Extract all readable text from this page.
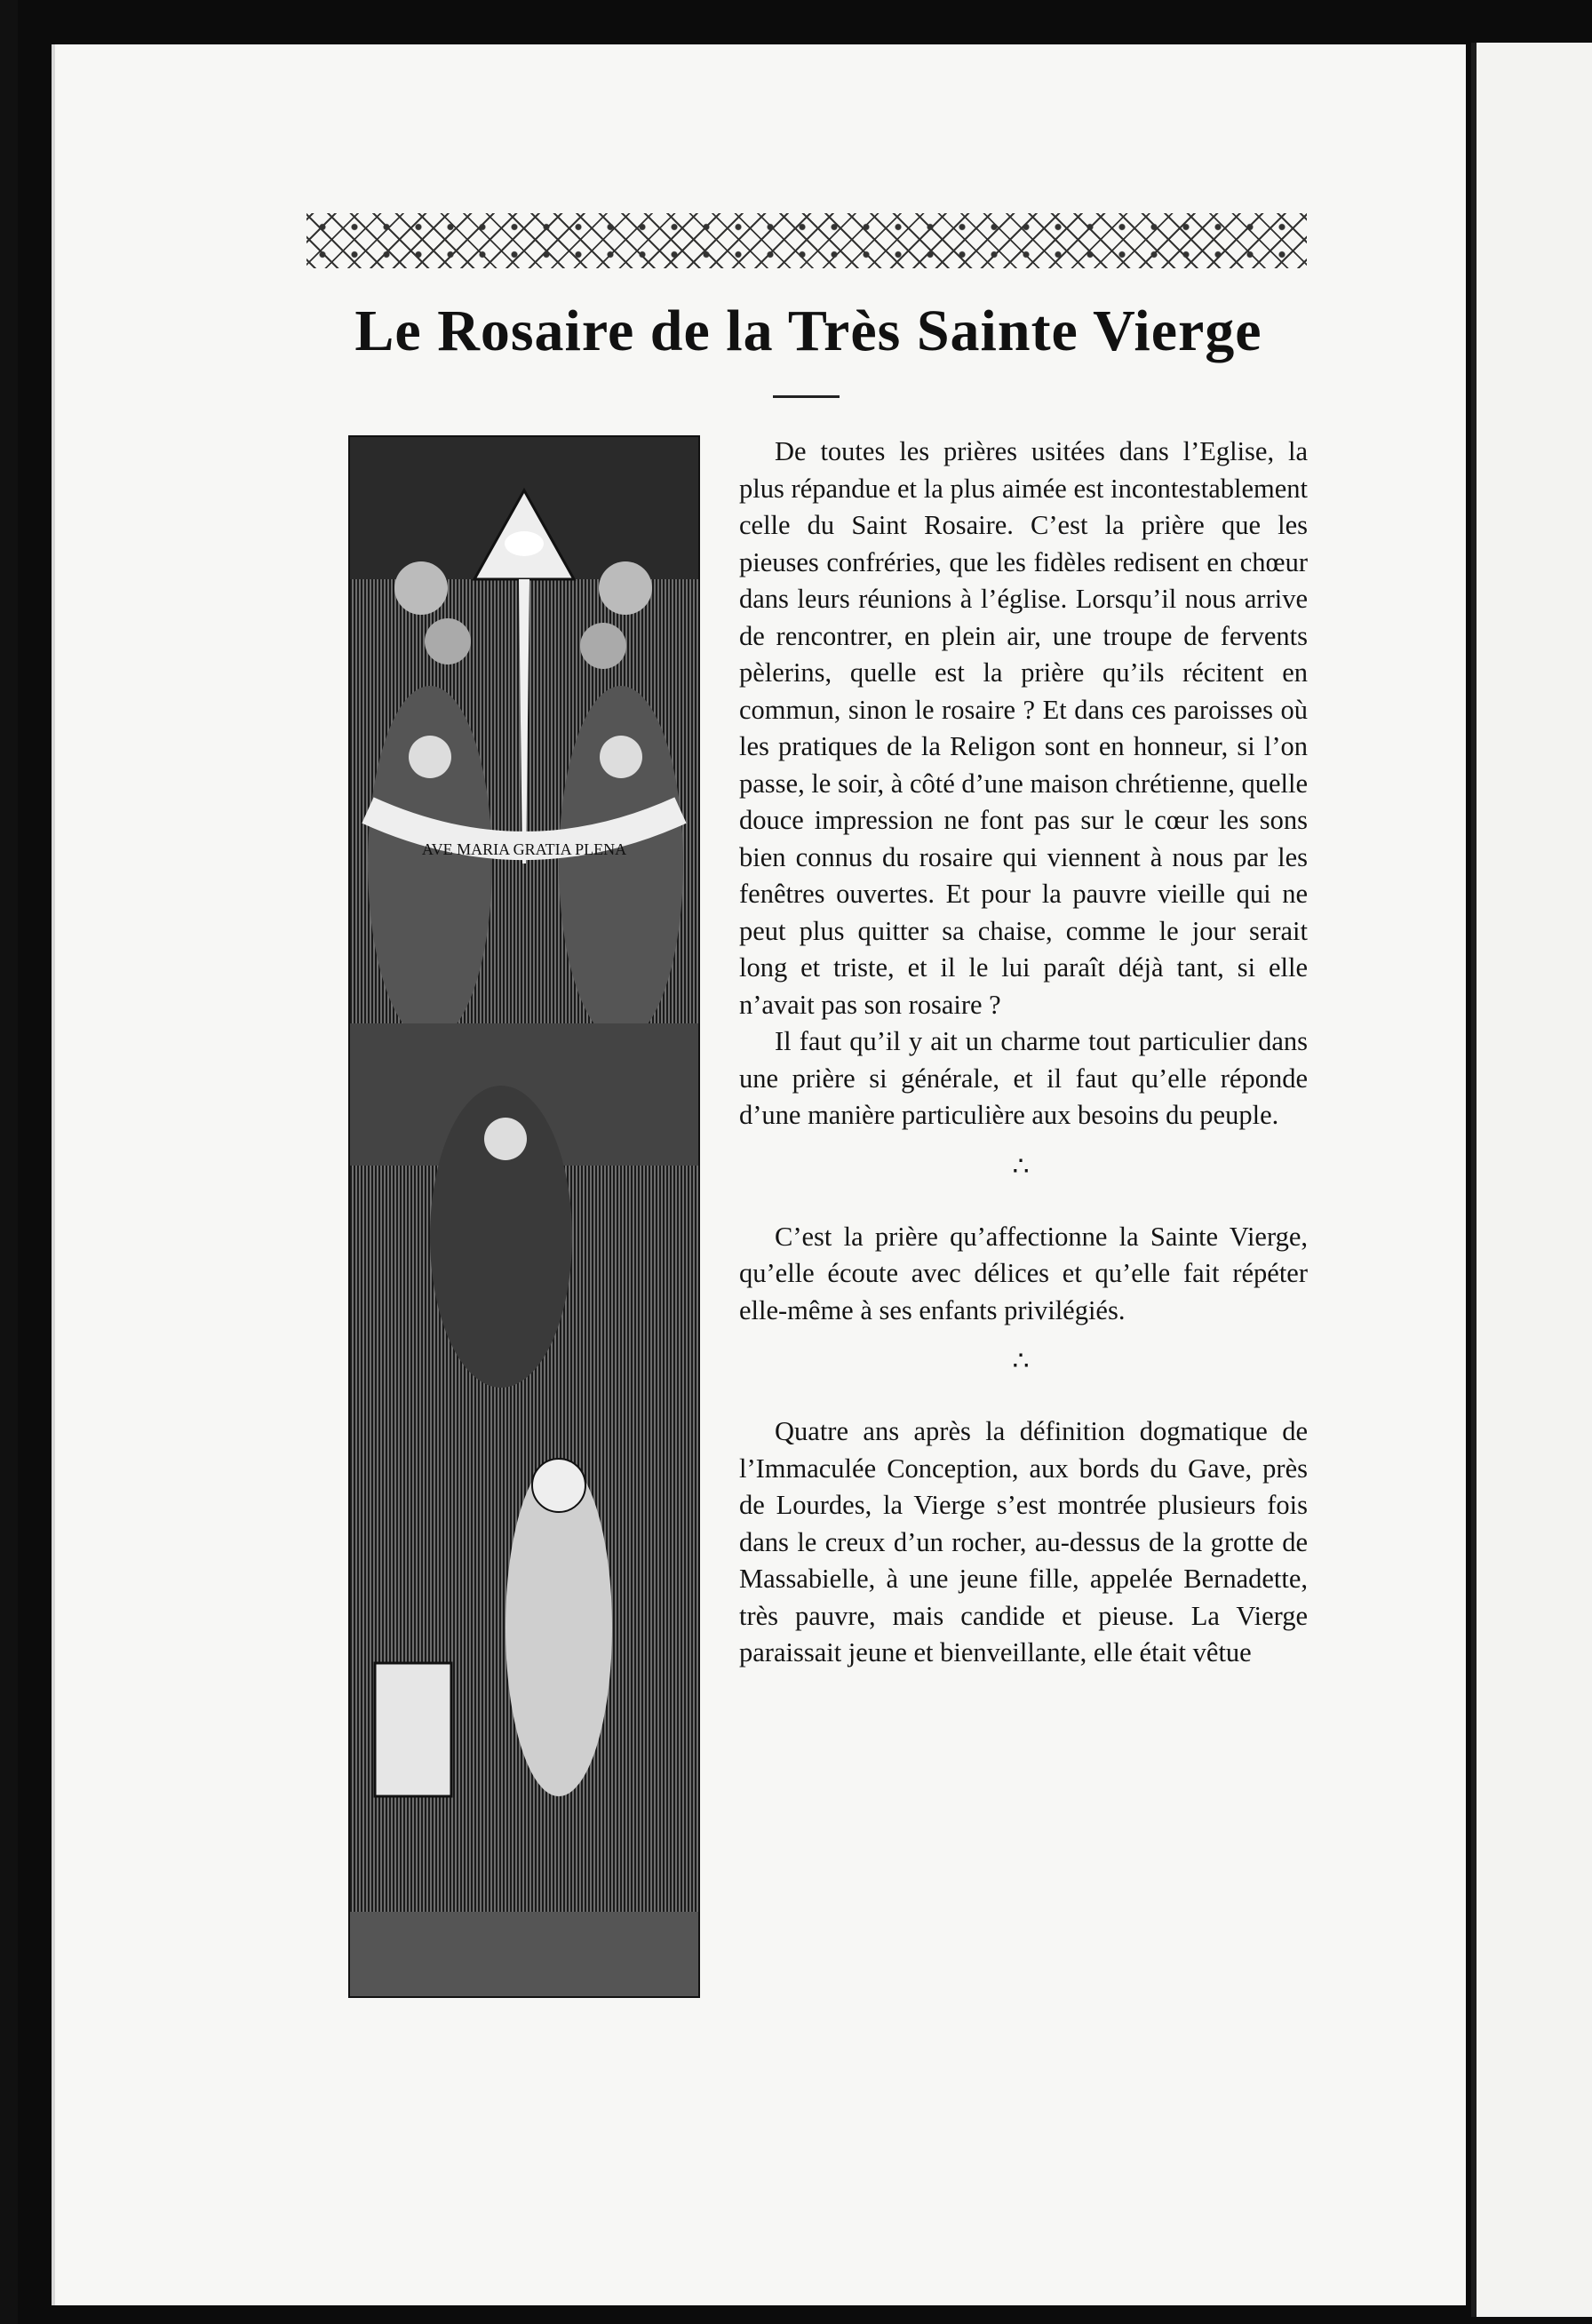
Le Rosaire de la Très Sainte Vierge
AVE MARIA GRATIA PLENA

De toutes les prières usitées dans l’Eglise, la plus répandue et la plus aimée est incontestablement celle du Saint Rosaire. C’est la prière que les pieuses confréries, que les fidèles redisent en chœur dans leurs réunions à l’église. Lorsqu’il nous arrive de rencontrer, en plein air, une troupe de fervents pèlerins, quelle est la prière qu’ils récitent en commun, sinon le rosaire ? Et dans ces paroisses où les pratiques de la Religon sont en honneur, si l’on passe, le soir, à côté d’une maison chrétienne, quelle douce impression ne font pas sur le cœur les sons bien connus du rosaire qui viennent à nous par les fenêtres ouvertes. Et pour la pauvre vieille qui ne peut plus quitter sa chaise, comme le jour serait long et triste, et il le lui paraît déjà tant, si elle n’avait pas son rosaire ?

Il faut qu’il y ait un charme tout particulier dans une prière si générale, et il faut qu’elle réponde d’une manière particulière aux besoins du peuple.

∴

C’est la prière qu’affectionne la Sainte Vierge, qu’elle écoute avec délices et qu’elle fait répéter elle-même à ses enfants privilégiés.

∴

Quatre ans après la définition dogmatique de l’Immaculée Conception, aux bords du Gave, près de Lourdes, la Vierge s’est montrée plusieurs fois dans le creux d’un rocher, au-dessus de la grotte de Massabielle, à une jeune fille, appelée Bernadette, très pauvre, mais candide et pieuse. La Vierge paraissait jeune et bienveillante, elle était vêtue
